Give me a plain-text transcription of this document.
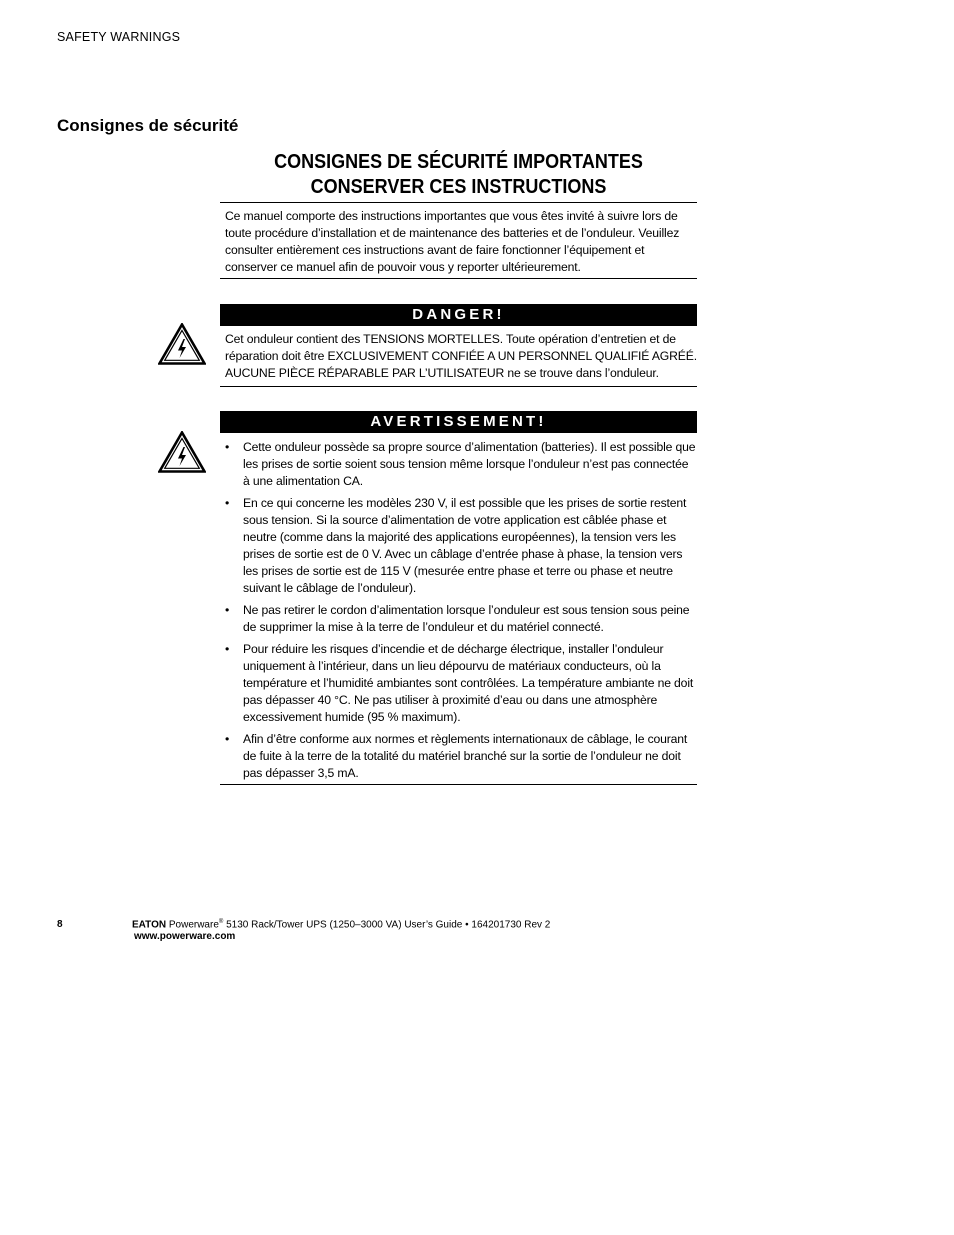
SAFETY WARNINGS
Consignes de sécurité
CONSIGNES DE SÉCURITÉ IMPORTANTES
CONSERVER CES INSTRUCTIONS
Ce manuel comporte des instructions importantes que vous êtes invité à suivre lors de toute procédure d’installation et de maintenance des batteries et de l’onduleur. Veuillez consulter entièrement ces instructions avant de faire fonctionner l’équipement et conserver ce manuel afin de pouvoir vous y reporter ultérieurement.
DANGER!
Cet onduleur contient des TENSIONS MORTELLES. Toute opération d’entretien et de réparation doit être EXCLUSIVEMENT CONFIÉE A UN PERSONNEL QUALIFIÉ AGRÉÉ. AUCUNE PIÈCE RÉPARABLE PAR L’UTILISATEUR ne se trouve dans l’onduleur.
AVERTISSEMENT!
• Cette onduleur possède sa propre source d’alimentation (batteries). Il est possible que les prises de sortie soient sous tension même lorsque l’onduleur n’est pas connectée à une alimentation CA.
• En ce qui concerne les modèles 230 V, il est possible que les prises de sortie restent sous tension. Si la source d’alimentation de votre application est câblée phase et neutre (comme dans la majorité des applications européennes), la tension vers les prises de sortie est de 0 V. Avec un câblage d’entrée phase à phase, la tension vers les prises de sortie est de 115 V (mesurée entre phase et terre ou phase et neutre suivant le câblage de l’onduleur).
• Ne pas retirer le cordon d’alimentation lorsque l’onduleur est sous tension sous peine de supprimer la mise à la terre de l’onduleur et du matériel connecté.
• Pour réduire les risques d’incendie et de décharge électrique, installer l’onduleur uniquement à l’intérieur, dans un lieu dépourvu de matériaux conducteurs, où la température et l’humidité ambiantes sont contrôlées. La température ambiante ne doit pas dépasser 40 °C. Ne pas utiliser à proximité d’eau ou dans une atmosphère excessivement humide (95 % maximum).
• Afin d’être conforme aux normes et règlements internationaux de câblage, le courant de fuite à la terre de la totalité du matériel branché sur la sortie de l’onduleur ne doit pas dépasser 3,5 mA.
8	EATON Powerware® 5130 Rack/Tower UPS (1250–3000 VA) User’s Guide • 164201730 Rev 2
www.powerware.com
